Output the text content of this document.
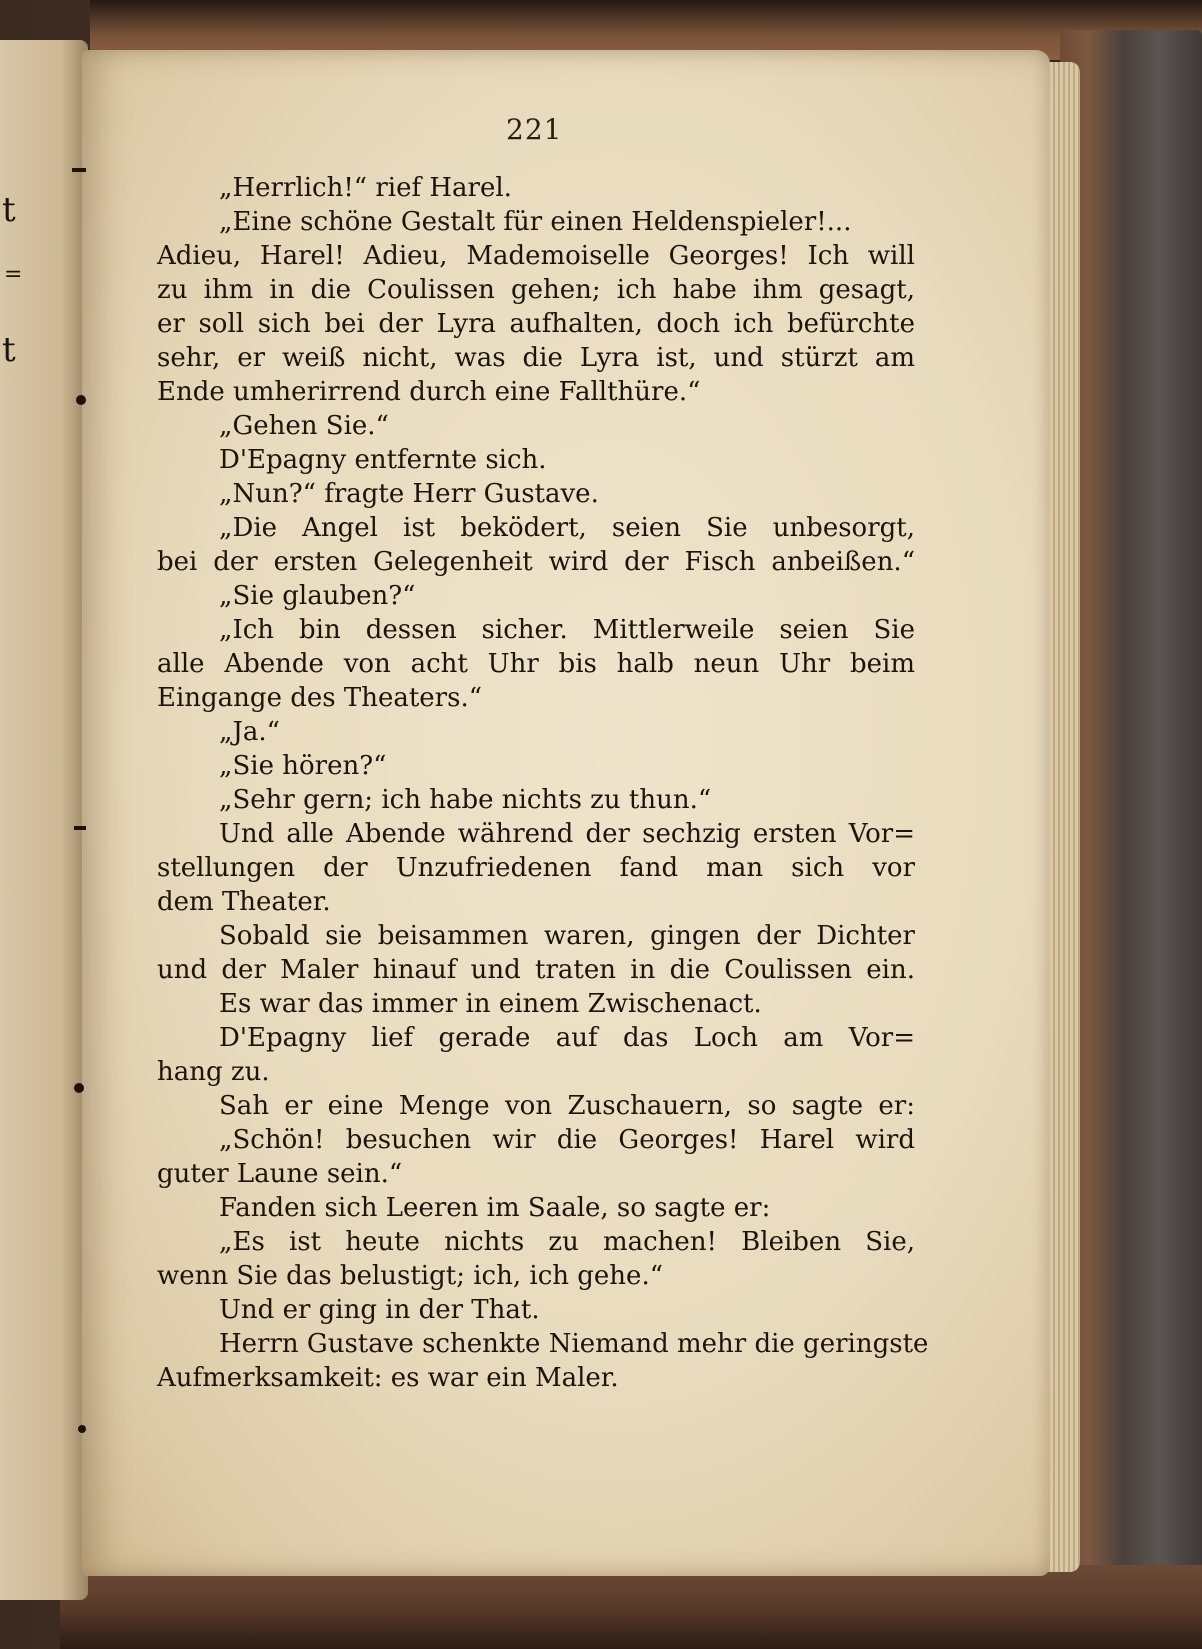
t
=
t
221
„Herrlich!“ rief Harel.
„Eine schöne Gestalt für einen Heldenspieler!...
Adieu, Harel! Adieu, Mademoiselle Georges! Ich will
zu ihm in die Coulissen gehen; ich habe ihm gesagt,
er soll sich bei der Lyra aufhalten, doch ich befürchte
sehr, er weiß nicht, was die Lyra ist, und stürzt am
Ende umherirrend durch eine Fallthüre.“
„Gehen Sie.“
D'Epagny entfernte sich.
„Nun?“ fragte Herr Gustave.
„Die Angel ist beködert, seien Sie unbesorgt,
bei der ersten Gelegenheit wird der Fisch anbeißen.“
„Sie glauben?“
„Ich bin dessen sicher. Mittlerweile seien Sie
alle Abende von acht Uhr bis halb neun Uhr beim
Eingange des Theaters.“
„Ja.“
„Sie hören?“
„Sehr gern; ich habe nichts zu thun.“
Und alle Abende während der sechzig ersten Vor=
stellungen der Unzufriedenen fand man sich vor
dem Theater.
Sobald sie beisammen waren, gingen der Dichter
und der Maler hinauf und traten in die Coulissen ein.
Es war das immer in einem Zwischenact.
D'Epagny lief gerade auf das Loch am Vor=
hang zu.
Sah er eine Menge von Zuschauern, so sagte er:
„Schön! besuchen wir die Georges! Harel wird
guter Laune sein.“
Fanden sich Leeren im Saale, so sagte er:
„Es ist heute nichts zu machen! Bleiben Sie,
wenn Sie das belustigt; ich, ich gehe.“
Und er ging in der That.
Herrn Gustave schenkte Niemand mehr die geringste
Aufmerksamkeit: es war ein Maler.
